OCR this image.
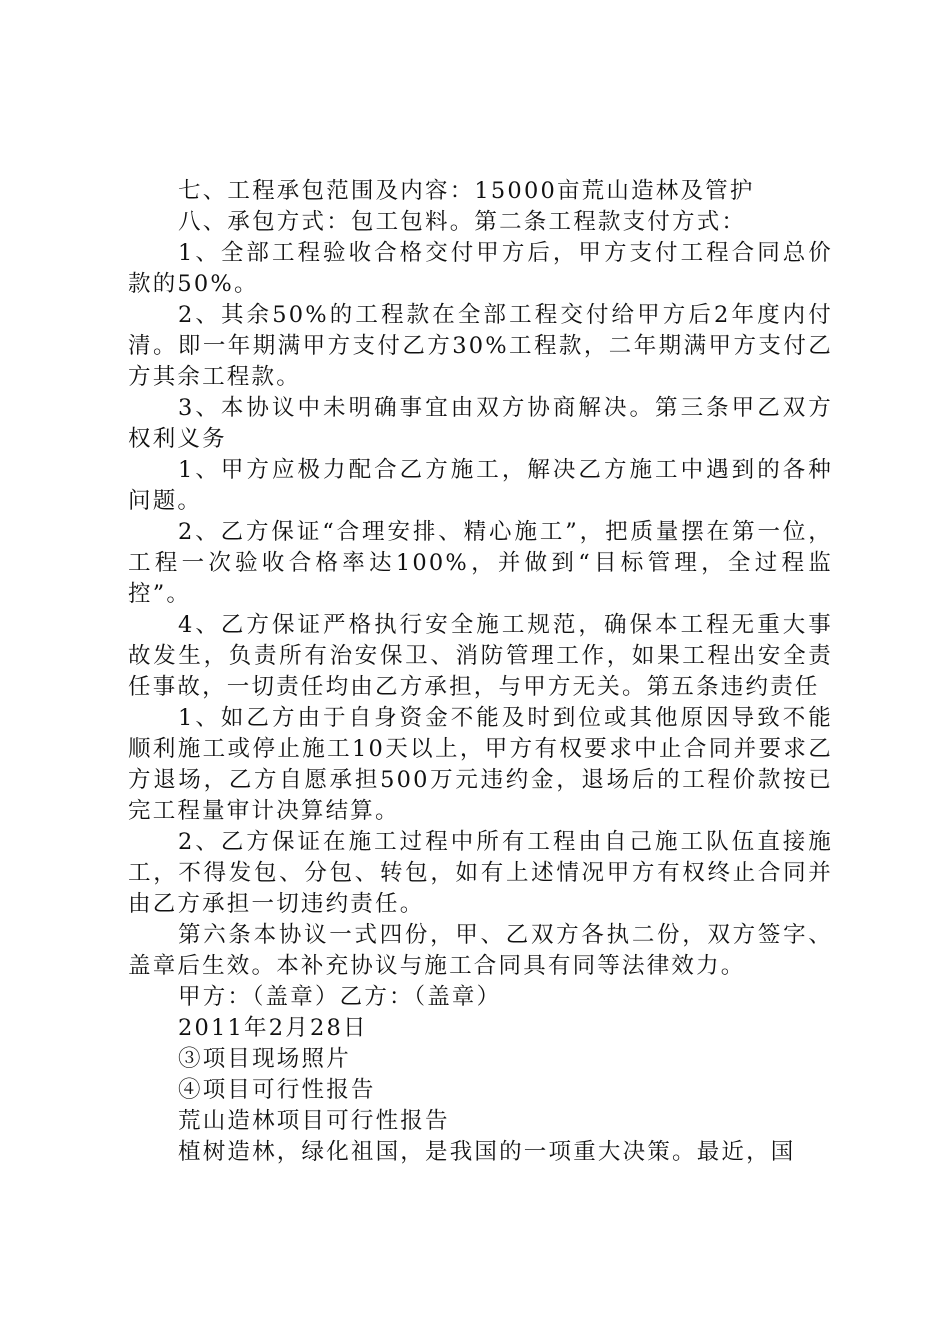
七、工程承包范围及内容：15000亩荒山造林及管护

八、承包方式：包工包料。第二条工程款支付方式：

1、全部工程验收合格交付甲方后，甲方支付工程合同总价款的50%。

2、其余50%的工程款在全部工程交付给甲方后2年度内付清。即一年期满甲方支付乙方30%工程款，二年期满甲方支付乙方其余工程款。

3、本协议中未明确事宜由双方协商解决。第三条甲乙双方权利义务

1、甲方应极力配合乙方施工，解决乙方施工中遇到的各种问题。

2、乙方保证“合理安排、精心施工”，把质量摆在第一位，工程一次验收合格率达100%，并做到“目标管理，全过程监控”。

4、乙方保证严格执行安全施工规范，确保本工程无重大事故发生，负责所有治安保卫、消防管理工作，如果工程出安全责任事故，一切责任均由乙方承担，与甲方无关。第五条违约责任

1、如乙方由于自身资金不能及时到位或其他原因导致不能顺利施工或停止施工10天以上，甲方有权要求中止合同并要求乙方退场，乙方自愿承担500万元违约金，退场后的工程价款按已完工程量审计决算结算。

2、乙方保证在施工过程中所有工程由自己施工队伍直接施工，不得发包、分包、转包，如有上述情况甲方有权终止合同并由乙方承担一切违约责任。

第六条本协议一式四份，甲、乙双方各执二份，双方签字、盖章后生效。本补充协议与施工合同具有同等法律效力。

甲方：（盖章）乙方：（盖章）

2011年2月28日

③项目现场照片

④项目可行性报告

荒山造林项目可行性报告

植树造林，绿化祖国，是我国的一项重大决策。最近，国
